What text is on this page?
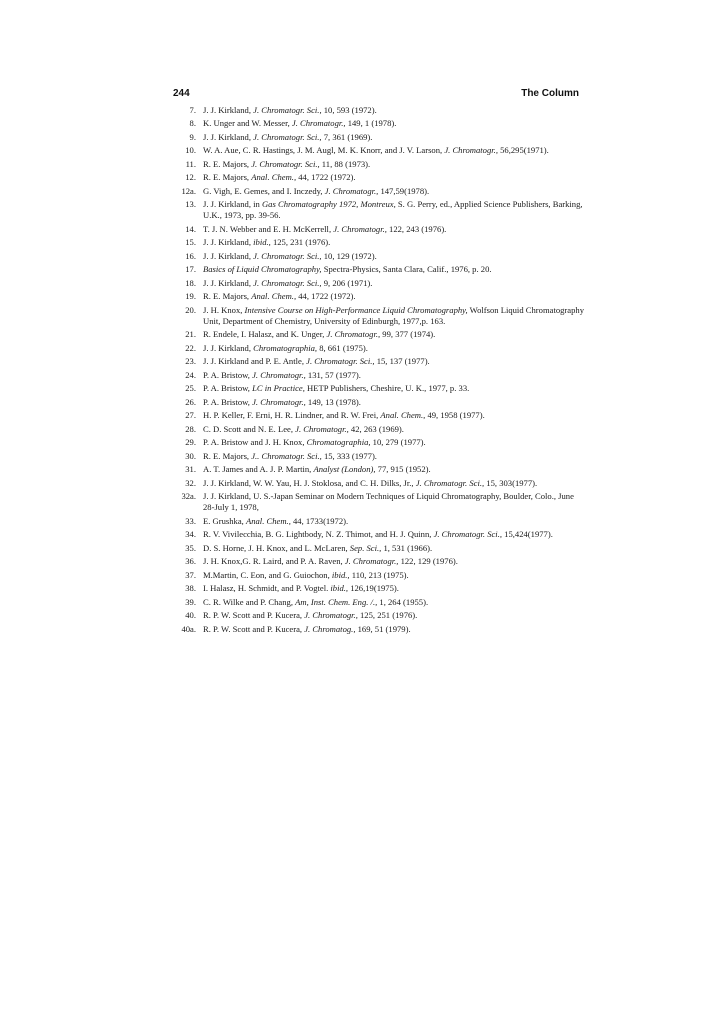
244	The Column
7. J. J. Kirkland, J. Chromatogr. Sci., 10, 593 (1972).
8. K. Unger and W. Messer, J. Chromatogr., 149, 1 (1978).
9. J. J. Kirkland, J. Chromatogr. Sci., 7, 361 (1969).
10. W. A. Aue, C. R. Hastings, J. M. Augl, M. K. Knorr, and J. V. Larson, J. Chromatogr., 56,295(1971).
11. R. E. Majors, J. Chromatogr. Sci., 11, 88 (1973).
12. R. E. Majors, Anal. Chem., 44, 1722 (1972).
12a. G. Vigh, E. Gemes, and I. Inczedy, J. Chromatogr., 147,59(1978).
13. J. J. Kirkland, in Gas Chromatography 1972, Montreux, S. G. Perry, ed., Applied Science Publishers, Barking, U.K., 1973, pp. 39-56.
14. T. J. N. Webber and E. H. McKerrell, J. Chromatogr., 122, 243 (1976).
15. J. J. Kirkland, ibid., 125, 231 (1976).
16. J. J. Kirkland, J. Chromatogr. Sci., 10, 129 (1972).
17. Basics of Liquid Chromatography, Spectra-Physics, Santa Clara, Calif., 1976, p. 20.
18. J. J. Kirkland, J. Chromatogr. Sci., 9, 206 (1971).
19. R. E. Majors, Anal. Chem., 44, 1722 (1972).
20. J. H. Knox, Intensive Course on High-Performance Liquid Chromatography, Wolfson Liquid Chromatography Unit, Department of Chemistry, University of Edinburgh, 1977,p. 163.
21. R. Endele, I. Halasz, and K. Unger, J. Chromatogr., 99, 377 (1974).
22. J. J. Kirkland, Chromatographia, 8, 661 (1975).
23. J. J. Kirkland and P. E. Antle, J. Chromatogr. Sci., 15, 137 (1977).
24. P. A. Bristow, J. Chromatogr., 131, 57 (1977).
25. P. A. Bristow, LC in Practice, HETP Publishers, Cheshire, U. K., 1977, p. 33.
26. P. A. Bristow, J. Chromatogr., 149, 13 (1978).
27. H. P. Keller, F. Erni, H. R. Lindner, and R. W. Frei, Anal. Chem., 49, 1958 (1977).
28. C. D. Scott and N. E. Lee, J. Chromatogr., 42, 263 (1969).
29. P. A. Bristow and J. H. Knox, Chromatographia, 10, 279 (1977).
30. R. E. Majors, J.. Chromatogr. Sci., 15, 333 (1977).
31. A. T. James and A. J. P. Martin, Analyst (London), 77, 915 (1952).
32. J. J. Kirkland, W. W. Yau, H. J. Stoklosa, and C. H. Dilks, Jr., J. Chromatogr. Sci., 15, 303(1977).
32a. J. J. Kirkland, U. S.-Japan Seminar on Modern Techniques of Liquid Chromatography, Boulder, Colo., June 28-July 1, 1978,
33. E. Grushka, Anal. Chem., 44, 1733(1972).
34. R. V. Vivilecchia, B. G. Lightbody, N. Z. Thimot, and H. J. Quinn, J. Chromatogr. Sci., 15,424(1977).
35. D. S. Horne, J. H. Knox, and L. McLaren, Sep. Sci., 1, 531 (1966).
36. J. H. Knox,G. R. Laird, and P. A. Raven, J. Chromatogr., 122, 129 (1976).
37. M.Martin, C. Eon, and G. Guiochon, ibid., 110, 213 (1975).
38. I. Halasz, H. Schmidt, and P. Vogtel. ibid., 126,19(1975).
39. C. R. Wilke and P. Chang, Am, Inst. Chem. Eng. /., 1, 264 (1955).
40. R. P. W. Scott and P. Kucera, J. Chromatogr., 125, 251 (1976).
40a. R. P. W. Scott and P. Kucera, J. Chromatog., 169, 51 (1979).
